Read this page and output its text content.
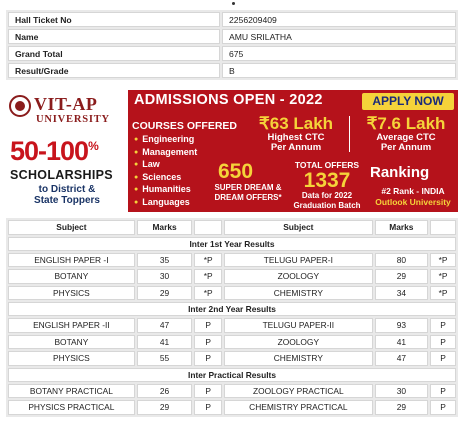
Hall Ticket No	2256209409
Name	AMU SRILATHA
Grand Total	675
Result/Grade	B
VIT-AP
UNIVERSITY
50-100%
SCHOLARSHIPS
to District &
State Toppers
ADMISSIONS OPEN - 2022	APPLY NOW
COURSES OFFERED
● Engineering
● Management
● Law
● Sciences
● Humanities
● Languages
₹63 Lakh
Highest CTC
Per Annum
₹7.6 Lakh
Average CTC
Per Annum
650
SUPER DREAM &
DREAM OFFERS*
TOTAL OFFERS
1337
Data for 2022
Graduation Batch
Ranking
#2 Rank - INDIA
Outlook University
Subject	Marks		Subject	Marks	
Inter 1st Year Results					
ENGLISH PAPER -I	35	*P	TELUGU PAPER-I	80	*P
BOTANY	30	*P	ZOOLOGY	29	*P
PHYSICS	29	*P	CHEMISTRY	34	*P
Inter 2nd Year Results					
ENGLISH PAPER -II	47	P	TELUGU PAPER-II	93	P
BOTANY	41	P	ZOOLOGY	41	P
PHYSICS	55	P	CHEMISTRY	47	P
Inter Practical Results					
BOTANY PRACTICAL	26	P	ZOOLOGY PRACTICAL	30	P
PHYSICS PRACTICAL	29	P	CHEMISTRY PRACTICAL	29	P
